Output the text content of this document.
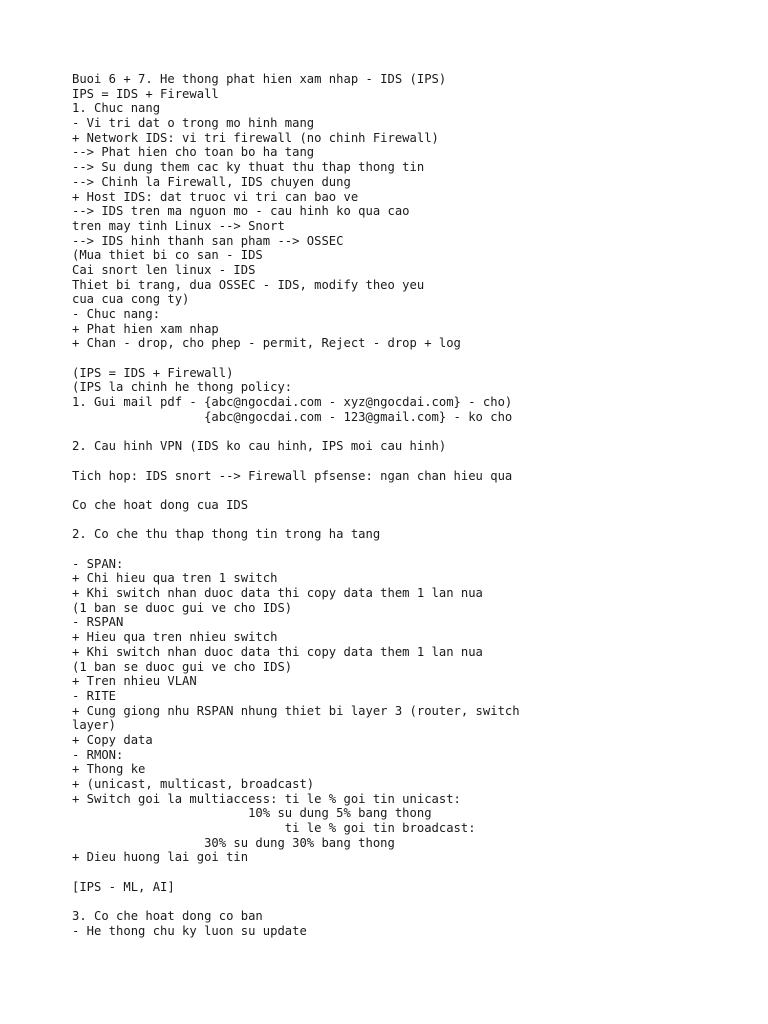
Buoi 6 + 7. He thong phat hien xam nhap - IDS (IPS)
IPS = IDS + Firewall
1. Chuc nang
- Vi tri dat o trong mo hinh mang
+ Network IDS: vi tri firewall (no chinh Firewall)
--> Phat hien cho toan bo ha tang
--> Su dung them cac ky thuat thu thap thong tin
--> Chinh la Firewall, IDS chuyen dung
+ Host IDS: dat truoc vi tri can bao ve
--> IDS tren ma nguon mo - cau hinh ko qua cao
tren may tinh Linux --> Snort
--> IDS hinh thanh san pham --> OSSEC
(Mua thiet bi co san - IDS
Cai snort len linux - IDS
Thiet bi trang, dua OSSEC - IDS, modify theo yeu
cua cua cong ty)
- Chuc nang:
+ Phat hien xam nhap
+ Chan - drop, cho phep - permit, Reject - drop + log
(IPS = IDS + Firewall)
(IPS la chinh he thong policy:
1. Gui mail pdf - {abc@ngocdai.com - xyz@ngocdai.com} - cho)
{abc@ngocdai.com - 123@gmail.com} - ko cho
2. Cau hinh VPN (IDS ko cau hinh, IPS moi cau hinh)
Tich hop: IDS snort --> Firewall pfsense: ngan chan hieu qua
Co che hoat dong cua IDS
2. Co che thu thap thong tin trong ha tang
- SPAN:
+ Chi hieu qua tren 1 switch
+ Khi switch nhan duoc data thi copy data them 1 lan nua
(1 ban se duoc gui ve cho IDS)
- RSPAN
+ Hieu qua tren nhieu switch
+ Khi switch nhan duoc data thi copy data them 1 lan nua
(1 ban se duoc gui ve cho IDS)
+ Tren nhieu VLAN
- RITE
+ Cung giong nhu RSPAN nhung thiet bi layer 3 (router, switch
layer)
+ Copy data
- RMON:
+ Thong ke
+ (unicast, multicast, broadcast)
+ Switch goi la multiaccess: ti le % goi tin unicast:
10% su dung 5% bang thong
ti le % goi tin broadcast:
30% su dung 30% bang thong
+ Dieu huong lai goi tin
[IPS - ML, AI]
3. Co che hoat dong co ban
- He thong chu ky luon su update
